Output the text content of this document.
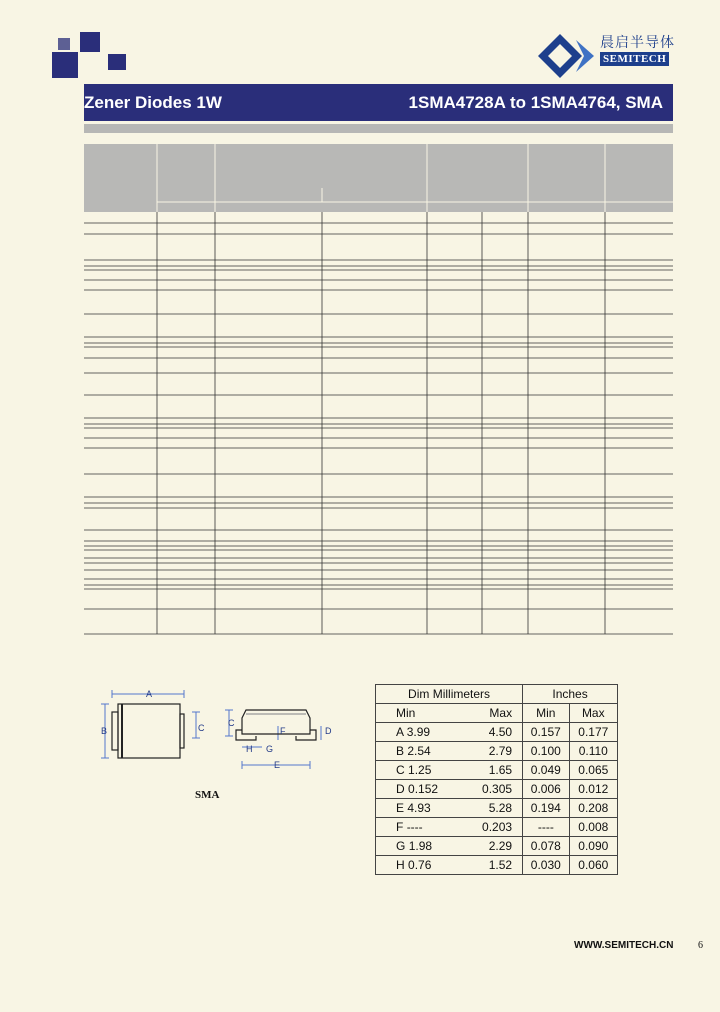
晨启半导体
SEMITECH
Zener Diodes 1W	1SMA4728A to 1SMA4764, SMA
A
B	C	C
F	D
H G
E
SMA
Dim Millimeters	Inches	

Min Max	Min	Max

A 3.99 4.50	0.157	0.177

B 2.54 2.79	0.100	0.110

C 1.25 1.65	0.049	0.065

D 0.152 0.305	0.006	0.012

E 4.93 5.28	0.194	0.208

F ---- 0.203	----	0.008

G 1.98 2.29	0.078	0.090

H 0.76 1.52	0.030	0.060
WWW.SEMITECH.CN 6
